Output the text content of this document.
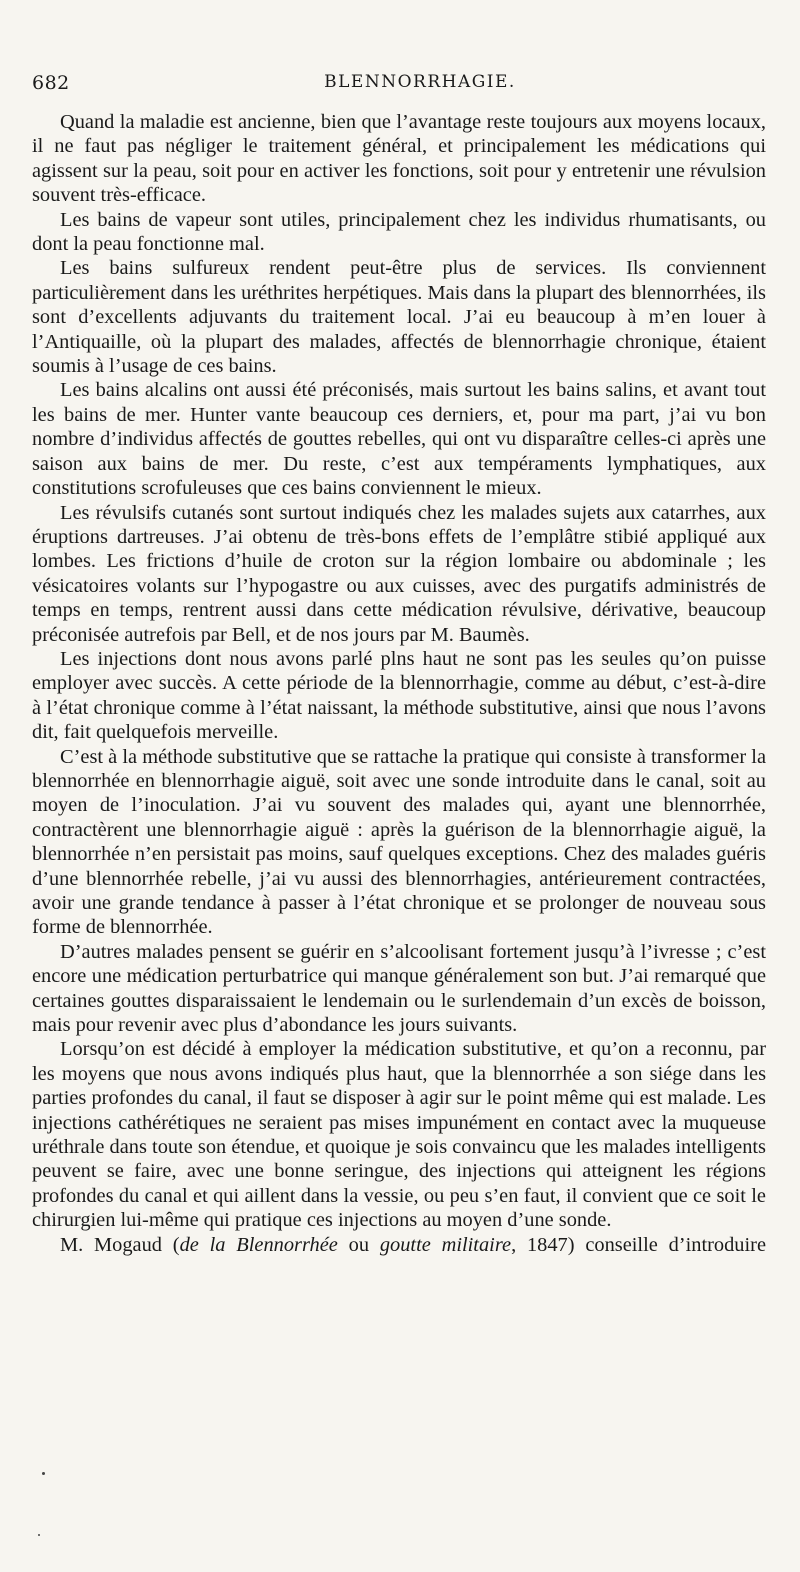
682	BLENNORRHAGIE.

Quand la maladie est ancienne, bien que l’avantage reste toujours aux moyens locaux, il ne faut pas négliger le traitement général, et principalement les médications qui agissent sur la peau, soit pour en activer les fonctions, soit pour y entretenir une révulsion souvent très-efficace.

Les bains de vapeur sont utiles, principalement chez les individus rhumatisants, ou dont la peau fonctionne mal.

Les bains sulfureux rendent peut-être plus de services. Ils conviennent particulièrement dans les uréthrites herpétiques. Mais dans la plupart des blennorrhées, ils sont d’excellents adjuvants du traitement local. J’ai eu beaucoup à m’en louer à l’Antiquaille, où la plupart des malades, affectés de blennorrhagie chronique, étaient soumis à l’usage de ces bains.

Les bains alcalins ont aussi été préconisés, mais surtout les bains salins, et avant tout les bains de mer. Hunter vante beaucoup ces derniers, et, pour ma part, j’ai vu bon nombre d’individus affectés de gouttes rebelles, qui ont vu disparaître celles-ci après une saison aux bains de mer. Du reste, c’est aux tempéraments lymphatiques, aux constitutions scrofuleuses que ces bains conviennent le mieux.

Les révulsifs cutanés sont surtout indiqués chez les malades sujets aux catarrhes, aux éruptions dartreuses. J’ai obtenu de très-bons effets de l’emplâtre stibié appliqué aux lombes. Les frictions d’huile de croton sur la région lombaire ou abdominale ; les vésicatoires volants sur l’hypogastre ou aux cuisses, avec des purgatifs administrés de temps en temps, rentrent aussi dans cette médication révulsive, dérivative, beaucoup préconisée autrefois par Bell, et de nos jours par M. Baumès.

Les injections dont nous avons parlé plns haut ne sont pas les seules qu’on puisse employer avec succès. A cette période de la blennorrhagie, comme au début, c’est-à-dire à l’état chronique comme à l’état naissant, la méthode substitutive, ainsi que nous l’avons dit, fait quelquefois merveille.

C’est à la méthode substitutive que se rattache la pratique qui consiste à transformer la blennorrhée en blennorrhagie aiguë, soit avec une sonde introduite dans le canal, soit au moyen de l’inoculation. J’ai vu souvent des malades qui, ayant une blennorrhée, contractèrent une blennorrhagie aiguë : après la guérison de la blennorrhagie aiguë, la blennorrhée n’en persistait pas moins, sauf quelques exceptions. Chez des malades guéris d’une blennorrhée rebelle, j’ai vu aussi des blennorrhagies, antérieurement contractées, avoir une grande tendance à passer à l’état chronique et se prolonger de nouveau sous forme de blennorrhée.

D’autres malades pensent se guérir en s’alcoolisant fortement jusqu’à l’ivresse ; c’est encore une médication perturbatrice qui manque généralement son but. J’ai remarqué que certaines gouttes disparaissaient le lendemain ou le surlendemain d’un excès de boisson, mais pour revenir avec plus d’abondance les jours suivants.

Lorsqu’on est décidé à employer la médication substitutive, et qu’on a reconnu, par les moyens que nous avons indiqués plus haut, que la blennorrhée a son siége dans les parties profondes du canal, il faut se disposer à agir sur le point même qui est malade. Les injections cathérétiques ne seraient pas mises impunément en contact avec la muqueuse uréthrale dans toute son étendue, et quoique je sois convaincu que les malades intelligents peuvent se faire, avec une bonne seringue, des injections qui atteignent les régions profondes du canal et qui aillent dans la vessie, ou peu s’en faut, il convient que ce soit le chirurgien lui-même qui pratique ces injections au moyen d’une sonde.

M. Mogaud (de la Blennorrhée ou goutte militaire, 1847) conseille d’introduire
